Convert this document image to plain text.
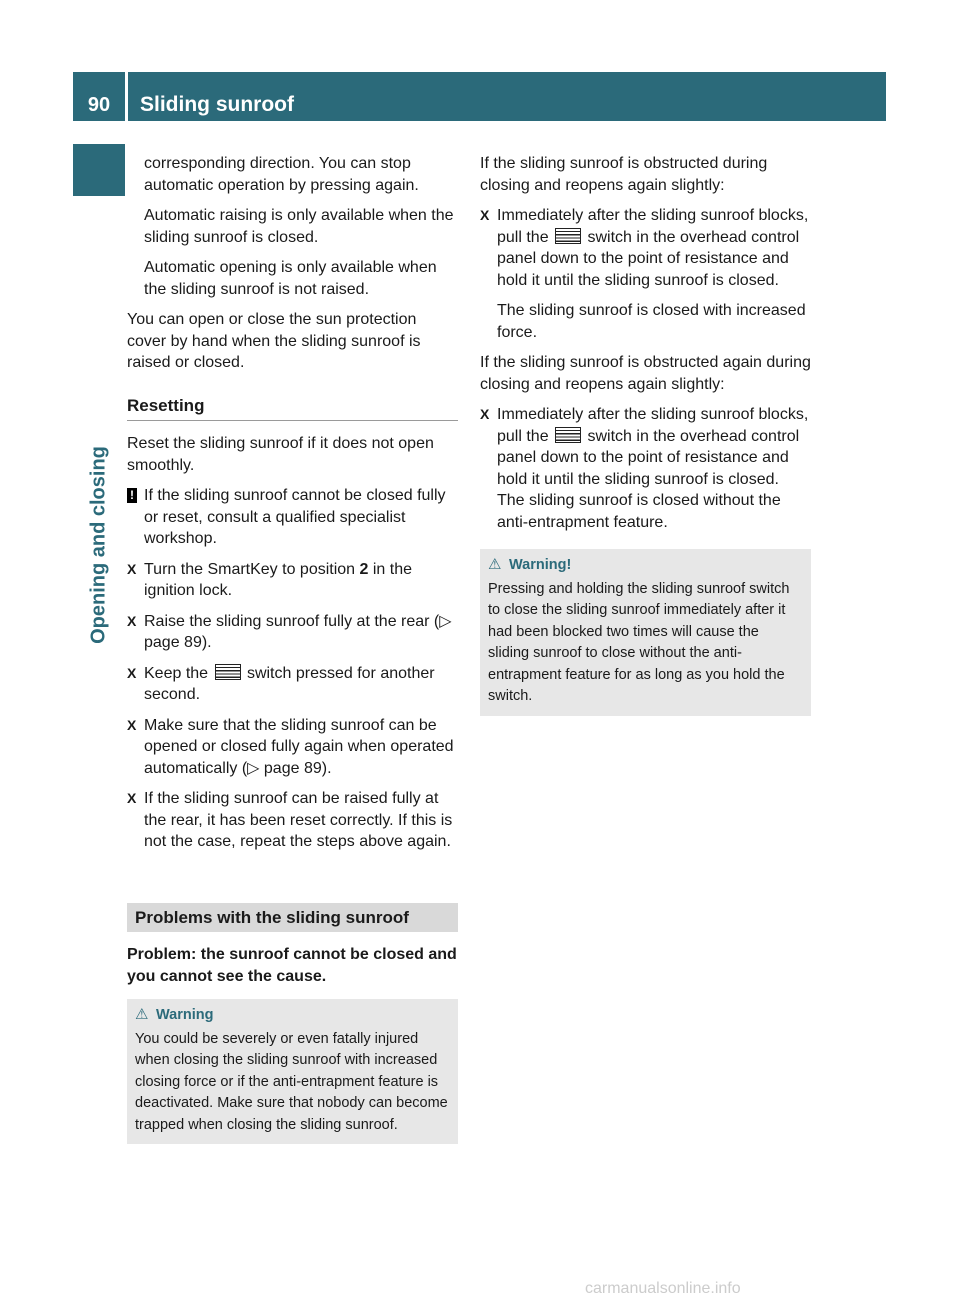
90	Sliding sunroof
Opening and closing

corresponding direction. You can stop automatic operation by pressing again.

Automatic raising is only available when the sliding sunroof is closed.

Automatic opening is only available when the sliding sunroof is not raised.

You can open or close the sun protection cover by hand when the sliding sunroof is raised or closed.

Resetting

Reset the sliding sunroof if it does not open smoothly.

! If the sliding sunroof cannot be closed fully or reset, consult a qualified specialist workshop.
X Turn the SmartKey to position 2 in the ignition lock.
X Raise the sliding sunroof fully at the rear (▷ page 89).
X Keep the  switch pressed for another second.
X Make sure that the sliding sunroof can be opened or closed fully again when operated automatically (▷ page 89).
X If the sliding sunroof can be raised fully at the rear, it has been reset correctly. If this is not the case, repeat the steps above again.
Problems with the sliding sunroof

Problem: the sunroof cannot be closed and you cannot see the cause.

⚠ Warning
You could be severely or even fatally injured when closing the sliding sunroof with increased closing force or if the anti-entrapment feature is deactivated. Make sure that nobody can become trapped when closing the sliding sunroof.

If the sliding sunroof is obstructed during closing and reopens again slightly:

X Immediately after the sliding sunroof blocks, pull the  switch in the overhead control panel down to the point of resistance and hold it until the sliding sunroof is closed.
The sliding sunroof is closed with increased force.

If the sliding sunroof is obstructed again during closing and reopens again slightly:

X Immediately after the sliding sunroof blocks, pull the  switch in the overhead control panel down to the point of resistance and hold it until the sliding sunroof is closed.
The sliding sunroof is closed without the anti-entrapment feature.
⚠ Warning!
Pressing and holding the sliding sunroof switch to close the sliding sunroof immediately after it had been blocked two times will cause the sliding sunroof to close without the anti-entrapment feature for as long as you hold the switch.
carmanualsonline.info
